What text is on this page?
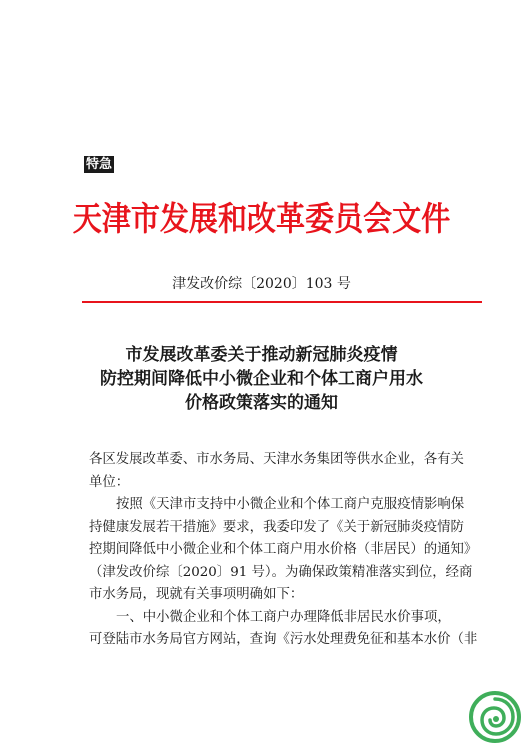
特急
天津市发展和改革委员会文件
津发改价综〔2020〕103 号
市发展改革委关于推动新冠肺炎疫情
防控期间降低中小微企业和个体工商户用水
价格政策落实的通知

各区发展改革委、市水务局、天津水务集团等供水企业，各有关
单位：

按照《天津市支持中小微企业和个体工商户克服疫情影响保
持健康发展若干措施》要求，我委印发了《关于新冠肺炎疫情防
控期间降低中小微企业和个体工商户用水价格（非居民）的通知》
（津发改价综〔2020〕91 号）。为确保政策精准落实到位，经商
市水务局，现就有关事项明确如下：

一、中小微企业和个体工商户办理降低非居民水价事项，
可登陆市水务局官方网站，查询《污水处理费免征和基本水价（非
